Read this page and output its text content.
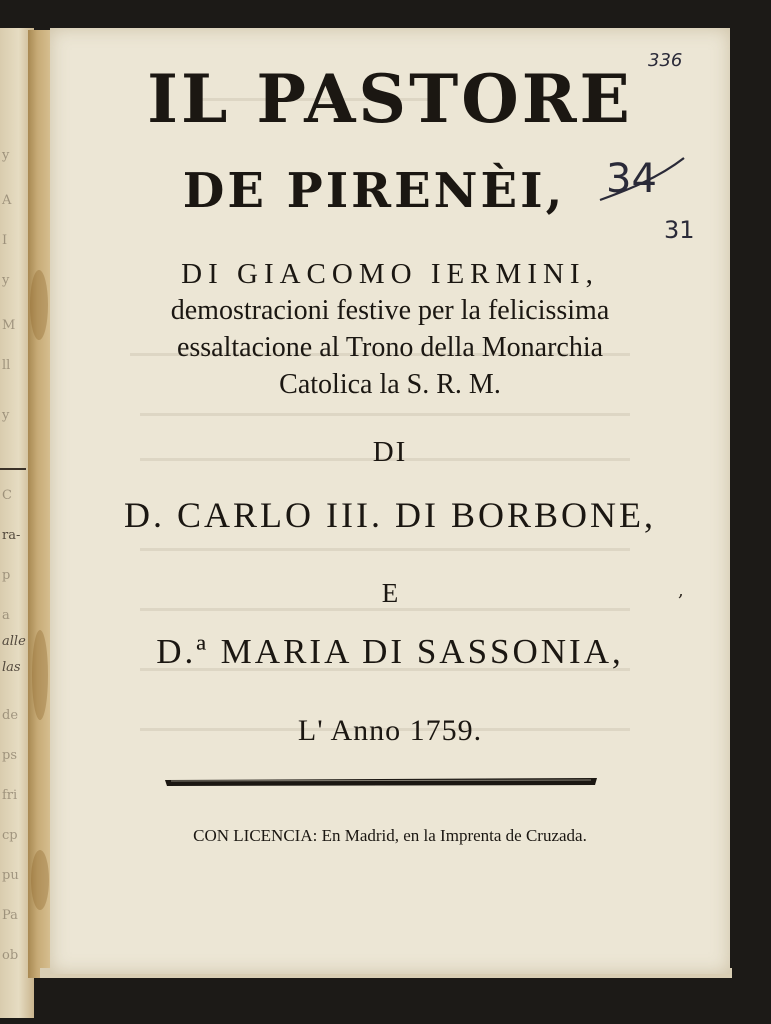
y
A
I
y
M
ll
y
C
ra-
p
a
alle
las
de
ps
fri
cp
pu
Pa
ob
IL PASTORE
DE PIRENÈI,
DI GIACOMO IERMINI,
demostracioni festive per la felicissima
essaltacione al Trono della Monarchia
Catolica la S. R. M.
DI
D. CARLO III. DI BORBONE,
E
D.ª MARIA DI SASSONIA,
L' Anno 1759.
CON LICENCIA: En Madrid, en la Imprenta de Cruzada.
336
34
31
,
